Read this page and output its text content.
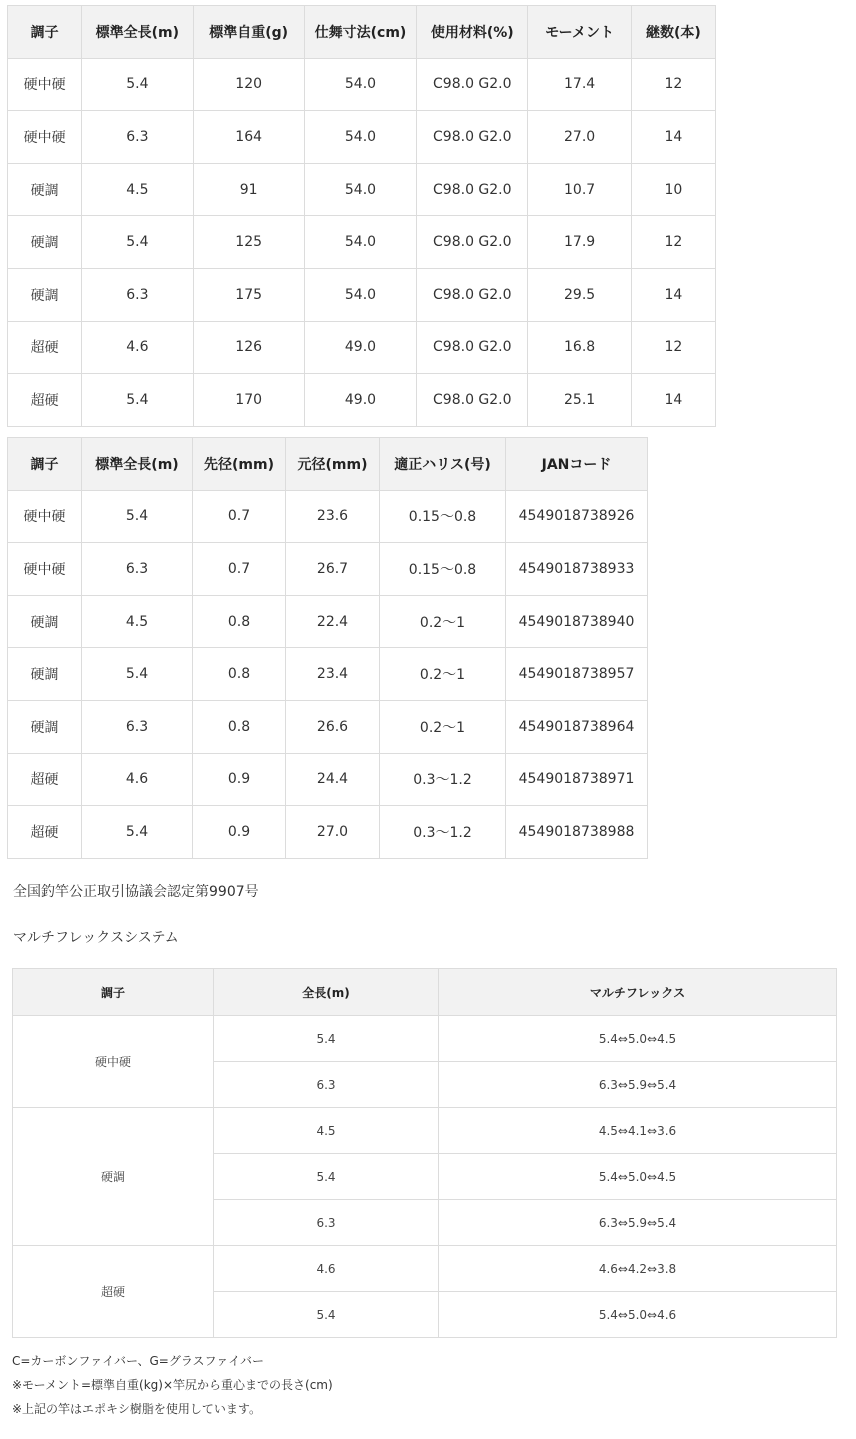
調子	標準全長(m)	標準自重(g)	仕舞寸法(cm)	使用材料(%)	モーメント	継数(本)
硬中硬	5.4	120	54.0	C98.0 G2.0	17.4	12
硬中硬	6.3	164	54.0	C98.0 G2.0	27.0	14
硬調	4.5	91	54.0	C98.0 G2.0	10.7	10
硬調	5.4	125	54.0	C98.0 G2.0	17.9	12
硬調	6.3	175	54.0	C98.0 G2.0	29.5	14
超硬	4.6	126	49.0	C98.0 G2.0	16.8	12
超硬	5.4	170	49.0	C98.0 G2.0	25.1	14
調子	標準全長(m)	先径(mm)	元径(mm)	適正ハリス(号)	JANコード
硬中硬	5.4	0.7	23.6	0.15〜0.8	4549018738926
硬中硬	6.3	0.7	26.7	0.15〜0.8	4549018738933
硬調	4.5	0.8	22.4	0.2〜1	4549018738940
硬調	5.4	0.8	23.4	0.2〜1	4549018738957
硬調	6.3	0.8	26.6	0.2〜1	4549018738964
超硬	4.6	0.9	24.4	0.3〜1.2	4549018738971
超硬	5.4	0.9	27.0	0.3〜1.2	4549018738988
全国釣竿公正取引協議会認定第9907号
マルチフレックスシステム
調子	全長(m)	マルチフレックス
硬中硬	5.4	5.4⇔5.0⇔4.5
	6.3	6.3⇔5.9⇔5.4
硬調	4.5	4.5⇔4.1⇔3.6
	5.4	5.4⇔5.0⇔4.5
	6.3	6.3⇔5.9⇔5.4
超硬	4.6	4.6⇔4.2⇔3.8
	5.4	5.4⇔5.0⇔4.6
C=カーボンファイバー、G=グラスファイバー
※モーメント=標準自重(kg)×竿尻から重心までの長さ(cm)
※上記の竿はエポキシ樹脂を使用しています。
